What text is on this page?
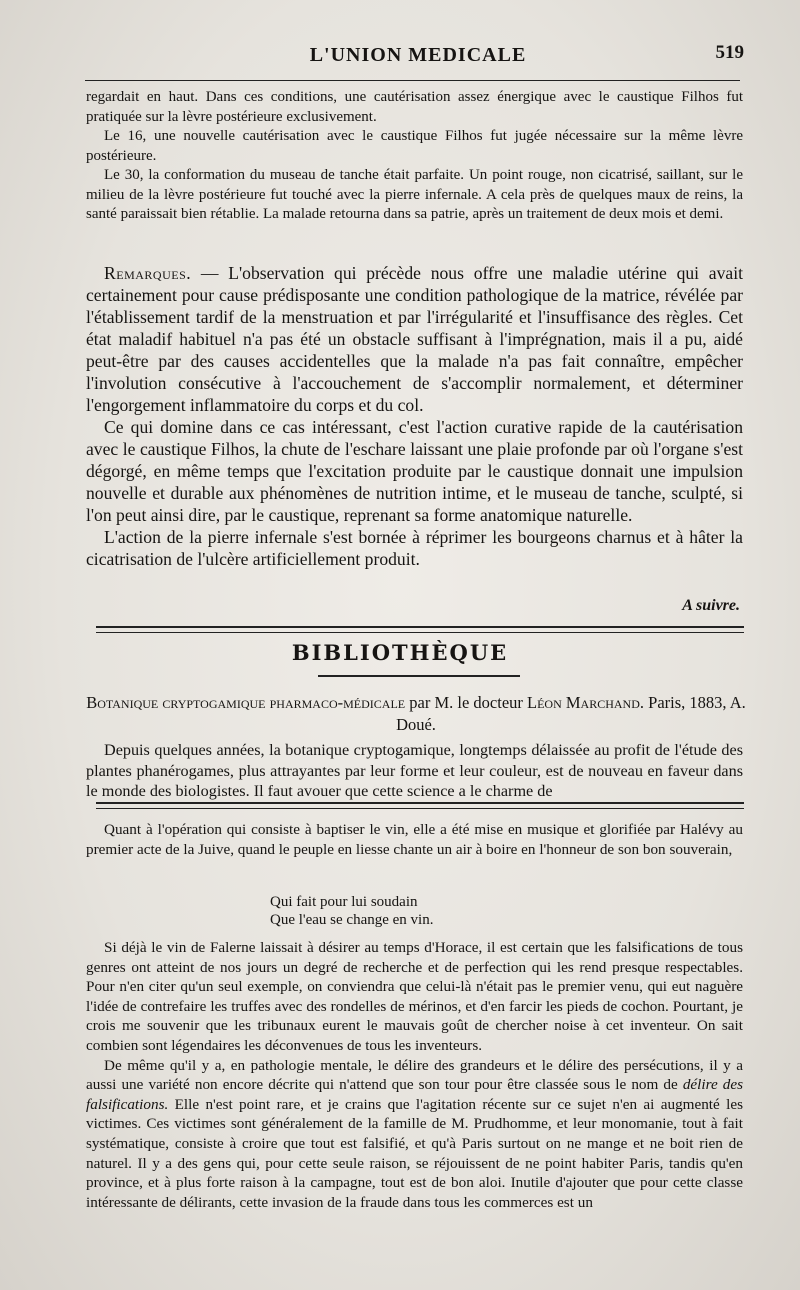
L'UNION MEDICALE	519

regardait en haut. Dans ces conditions, une cautérisation assez énergique avec le caustique Filhos fut pratiquée sur la lèvre postérieure exclusivement.

Le 16, une nouvelle cautérisation avec le caustique Filhos fut jugée nécessaire sur la même lèvre postérieure.

Le 30, la conformation du museau de tanche était parfaite. Un point rouge, non cicatrisé, saillant, sur le milieu de la lèvre postérieure fut touché avec la pierre infernale. A cela près de quelques maux de reins, la santé paraissait bien rétablie. La malade retourna dans sa patrie, après un traitement de deux mois et demi.

Remarques. — L'observation qui précède nous offre une maladie utérine qui avait certainement pour cause prédisposante une condition pathologique de la matrice, révélée par l'établissement tardif de la menstruation et par l'irrégularité et l'insuffisance des règles. Cet état maladif habituel n'a pas été un obstacle suffisant à l'imprégnation, mais il a pu, aidé peut-être par des causes accidentelles que la malade n'a pas fait connaître, empêcher l'involution consécutive à l'accouchement de s'accomplir normalement, et déterminer l'engorgement inflammatoire du corps et du col.

Ce qui domine dans ce cas intéressant, c'est l'action curative rapide de la cautérisation avec le caustique Filhos, la chute de l'eschare laissant une plaie profonde par où l'organe s'est dégorgé, en même temps que l'excitation produite par le caustique donnait une impulsion nouvelle et durable aux phénomènes de nutrition intime, et le museau de tanche, sculpté, si l'on peut ainsi dire, par le caustique, reprenant sa forme anatomique naturelle.

L'action de la pierre infernale s'est bornée à réprimer les bourgeons charnus et à hâter la cicatrisation de l'ulcère artificiellement produit.

A suivre.
BIBLIOTHÈQUE
Botanique cryptogamique pharmaco-médicale par M. le docteur Léon Marchand. Paris, 1883, A. Doué.

Depuis quelques années, la botanique cryptogamique, longtemps délaissée au profit de l'étude des plantes phanérogames, plus attrayantes par leur forme et leur couleur, est de nouveau en faveur dans le monde des biologistes. Il faut avouer que cette science a le charme de

Quant à l'opération qui consiste à baptiser le vin, elle a été mise en musique et glorifiée par Halévy au premier acte de la Juive, quand le peuple en liesse chante un air à boire en l'honneur de son bon souverain,

Qui fait pour lui soudain
Que l'eau se change en vin.

Si déjà le vin de Falerne laissait à désirer au temps d'Horace, il est certain que les falsifications de tous genres ont atteint de nos jours un degré de recherche et de perfection qui les rend presque respectables. Pour n'en citer qu'un seul exemple, on conviendra que celui-là n'était pas le premier venu, qui eut naguère l'idée de contrefaire les truffes avec des rondelles de mérinos, et d'en farcir les pieds de cochon. Pourtant, je crois me souvenir que les tribunaux eurent le mauvais goût de chercher noise à cet inventeur. On sait combien sont légendaires les déconvenues de tous les inventeurs.

De même qu'il y a, en pathologie mentale, le délire des grandeurs et le délire des persécutions, il y a aussi une variété non encore décrite qui n'attend que son tour pour être classée sous le nom de délire des falsifications. Elle n'est point rare, et je crains que l'agitation récente sur ce sujet n'en ai augmenté les victimes. Ces victimes sont généralement de la famille de M. Prudhomme, et leur monomanie, tout à fait systématique, consiste à croire que tout est falsifié, et qu'à Paris surtout on ne mange et ne boit rien de naturel. Il y a des gens qui, pour cette seule raison, se réjouissent de ne point habiter Paris, tandis qu'en province, et à plus forte raison à la campagne, tout est de bon aloi. Inutile d'ajouter que pour cette classe intéressante de délirants, cette invasion de la fraude dans tous les commerces est un
